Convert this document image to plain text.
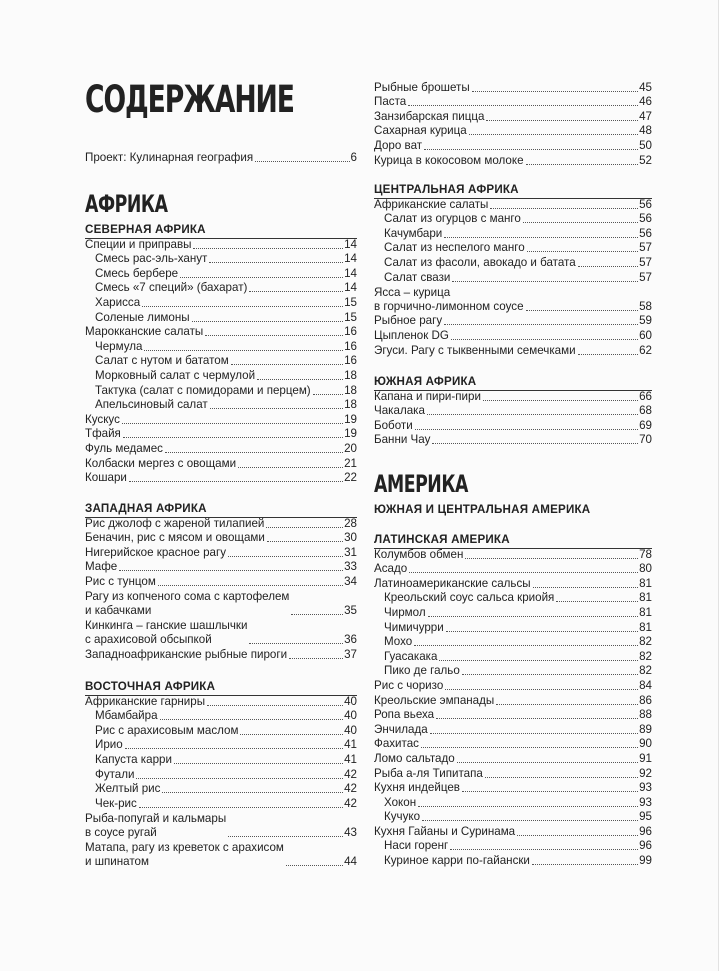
СОДЕРЖАНИЕ
Проект: Кулинарная география	6
АФРИКА
СЕВЕРНАЯ АФРИКА
Специи и приправы	14
Смесь рас-эль-ханут	14
Смесь бербере	14
Смесь «7 специй» (бахарат)	14
Харисса	15
Соленые лимоны	15
Марокканские салаты	16
Чермула	16
Салат с нутом и бататом	16
Морковный салат с чермулой	18
Тактука (салат с помидорами и перцем)	18
Апельсиновый салат	18
Кускус	19
Тфайя	19
Фуль медамес	20
Колбаски мергез с овощами	21
Кошари	22
ЗАПАДНАЯ АФРИКА
Рис джолоф с жареной тилапией	28
Беначин, рис с мясом и овощами	30
Нигерийское красное рагу	31
Мафе	33
Рис с тунцом	34
Рагу из копченого сома с картофелем
и кабачками	35
Кинкинга – ганские шашлычки
с арахисовой обсыпкой	36
Западноафриканские рыбные пироги	37
ВОСТОЧНАЯ АФРИКА
Африканские гарниры	40
Мбамбайра	40
Рис с арахисовым маслом	40
Ирио	41
Капуста карри	41
Футали	42
Желтый рис	42
Чек-рис	42
Рыба-попугай и кальмары
в соусе ругай	43
Матапа, рагу из креветок с арахисом
и шпинатом	44
Рыбные брошеты	45
Паста	46
Занзибарская пицца	47
Сахарная курица	48
Доро ват	50
Курица в кокосовом молоке	52
ЦЕНТРАЛЬНАЯ АФРИКА
Африканские салаты	56
Салат из огурцов с манго	56
Качумбари	56
Салат из неспелого манго	57
Салат из фасоли, авокадо и батата	57
Салат свази	57
Ясса – курица
в горчично-лимонном соусе	58
Рыбное рагу	59
Цыпленок DG	60
Эгуси. Рагу с тыквенными семечками	62
ЮЖНАЯ АФРИКА
Капана и пири-пири	66
Чакалака	68
Боботи	69
Банни Чау	70
АМЕРИКА
ЮЖНАЯ И ЦЕНТРАЛЬНАЯ АМЕРИКА
ЛАТИНСКАЯ АМЕРИКА
Колумбов обмен	78
Асадо	80
Латиноамериканские сальсы	81
Креольский соус сальса криойя	81
Чирмол	81
Чимичурри	81
Мохо	82
Гуасакака	82
Пико де гальо	82
Рис с чоризо	84
Креольские эмпанады	86
Ропа вьеха	88
Энчилада	89
Фахитас	90
Ломо сальтадо	91
Рыба а-ля Типитапа	92
Кухня индейцев	93
Хокон	93
Кучуко	95
Кухня Гайаны и Суринама	96
Наси горенг	96
Куриное карри по-гайански	99
